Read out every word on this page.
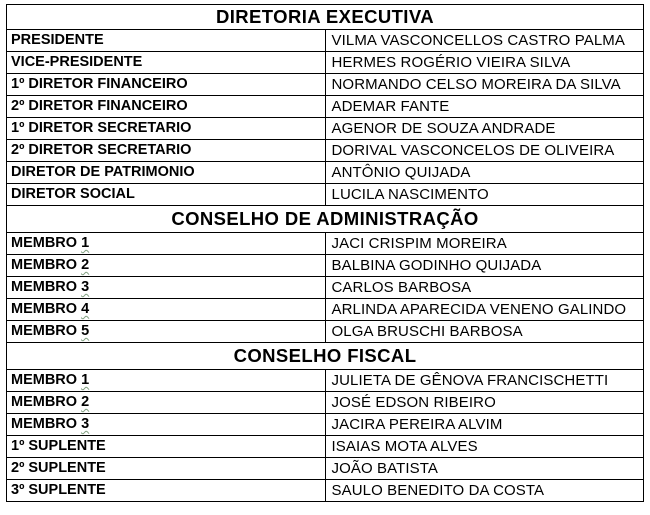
DIRETORIA EXECUTIVA	
PRESIDENTE	VILMA VASCONCELLOS CASTRO PALMA
VICE-PRESIDENTE	HERMES ROGÉRIO VIEIRA SILVA
1º DIRETOR FINANCEIRO	NORMANDO CELSO MOREIRA DA SILVA
2º DIRETOR FINANCEIRO	ADEMAR FANTE
1º DIRETOR SECRETARIO	AGENOR DE SOUZA ANDRADE
2º DIRETOR SECRETARIO	DORIVAL VASCONCELOS DE OLIVEIRA
DIRETOR DE PATRIMONIO	ANTÔNIO QUIJADA
DIRETOR SOCIAL	LUCILA NASCIMENTO
CONSELHO DE ADMINISTRAÇÃO	
MEMBRO 1	JACI CRISPIM MOREIRA
MEMBRO 2	BALBINA GODINHO QUIJADA
MEMBRO 3	CARLOS BARBOSA
MEMBRO 4	ARLINDA APARECIDA VENENO GALINDO
MEMBRO 5	OLGA BRUSCHI BARBOSA
CONSELHO FISCAL	
MEMBRO 1	JULIETA DE GÊNOVA FRANCISCHETTI
MEMBRO 2	JOSÉ EDSON RIBEIRO
MEMBRO 3	JACIRA PEREIRA ALVIM
1º SUPLENTE	ISAIAS MOTA ALVES
2º SUPLENTE	JOÃO BATISTA
3º SUPLENTE	SAULO BENEDITO DA COSTA
